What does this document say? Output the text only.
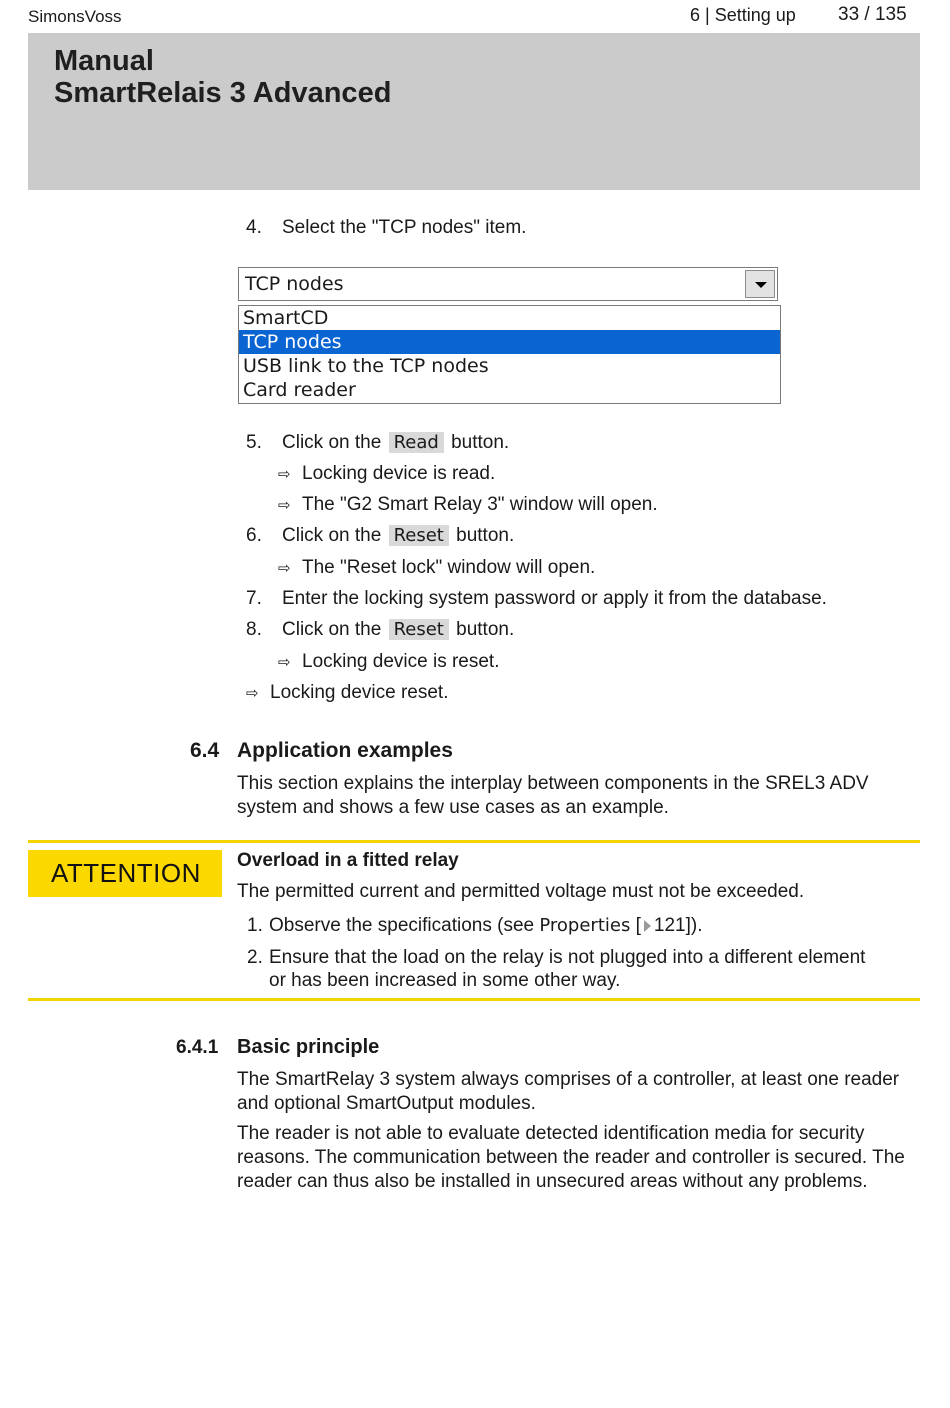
SimonsVoss	6 | Setting up 33 / 135
Manual
SmartRelais 3 Advanced
4. Select the "TCP nodes" item.
TCP nodes
SmartCD
TCP nodes
USB link to the TCP nodes
Card reader
5. Click on the Read button.
⇨ Locking device is read.
⇨ The "G2 Smart Relay 3" window will open.
6. Click on the Reset button.
⇨ The "Reset lock" window will open.
7. Enter the locking system password or apply it from the database.
8. Click on the Reset button.
⇨ Locking device is reset.
⇨ Locking device reset.
6.4 Application examples
This section explains the interplay between components in the SREL3 ADV system and shows a few use cases as an example.
ATTENTION Overload in a fitted relay
The permitted current and permitted voltage must not be exceeded.
1. Observe the specifications (see Properties [ 121]).
2. Ensure that the load on the relay is not plugged into a different element
or has been increased in some other way.
6.4.1 Basic principle
The SmartRelay 3 system always comprises of a controller, at least one reader and optional SmartOutput modules.
The reader is not able to evaluate detected identification media for security reasons. The communication between the reader and controller is secured. The reader can thus also be installed in unsecured areas without any problems.
